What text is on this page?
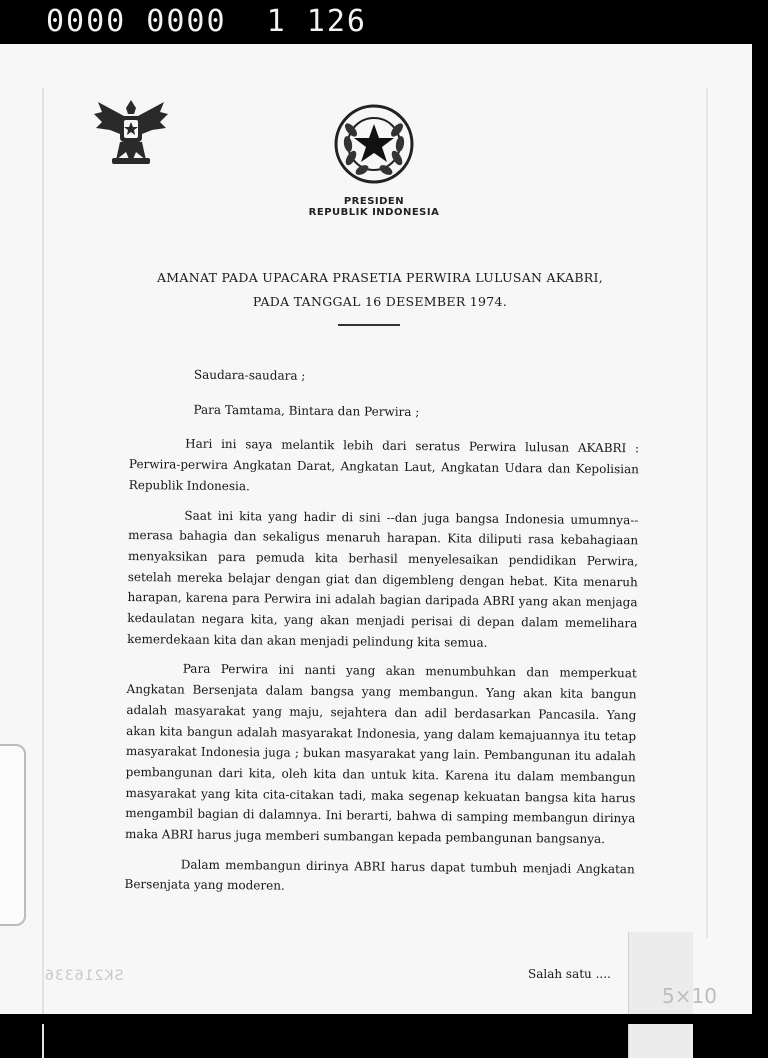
0000 0000  1 126
PRESIDEN
REPUBLIK INDONESIA
AMANAT PADA UPACARA PRASETIA PERWIRA LULUSAN AKABRI,
PADA TANGGAL 16 DESEMBER 1974.

Saudara-saudara ;

Para Tamtama, Bintara dan Perwira ;

Hari ini saya melantik lebih dari seratus Perwira lulusan AKABRI : Perwira-perwira Angkatan Darat, Angkatan Laut, Angkatan Udara dan Kepolisian Republik Indonesia.

Saat ini kita yang hadir di sini --dan juga bangsa Indonesia umumnya-- merasa bahagia dan sekaligus menaruh harapan. Kita diliputi rasa kebahagiaan menyaksikan para pemuda kita berhasil menyelesaikan pendidikan Perwira, setelah mereka belajar dengan giat dan digembleng dengan hebat. Kita menaruh harapan, karena para Perwira ini adalah bagian daripada ABRI yang akan menjaga kedaulatan negara kita, yang akan menjadi perisai di depan dalam memelihara kemerdekaan kita dan akan menjadi pelindung kita semua.

Para Perwira ini nanti yang akan menumbuhkan dan memperkuat Angkatan Bersenjata dalam bangsa yang membangun. Yang akan kita bangun adalah masyarakat yang maju, sejahtera dan adil berdasarkan Pancasila. Yang akan kita bangun adalah masyarakat Indonesia, yang dalam kemajuannya itu tetap masyarakat Indonesia juga ; bukan masyarakat yang lain. Pembangunan itu adalah pembangunan dari kita, oleh kita dan untuk kita. Karena itu dalam membangun masyarakat yang kita cita-citakan tadi, maka segenap kekuatan bangsa kita harus mengambil bagian di dalamnya. Ini berarti, bahwa di samping membangun dirinya maka ABRI harus juga memberi sumbangan kepada pembangunan bangsanya.

Dalam membangun dirinya ABRI harus dapat tumbuh menjadi Angkatan Bersenjata yang moderen.

Salah satu ....
SK216336
5×10
